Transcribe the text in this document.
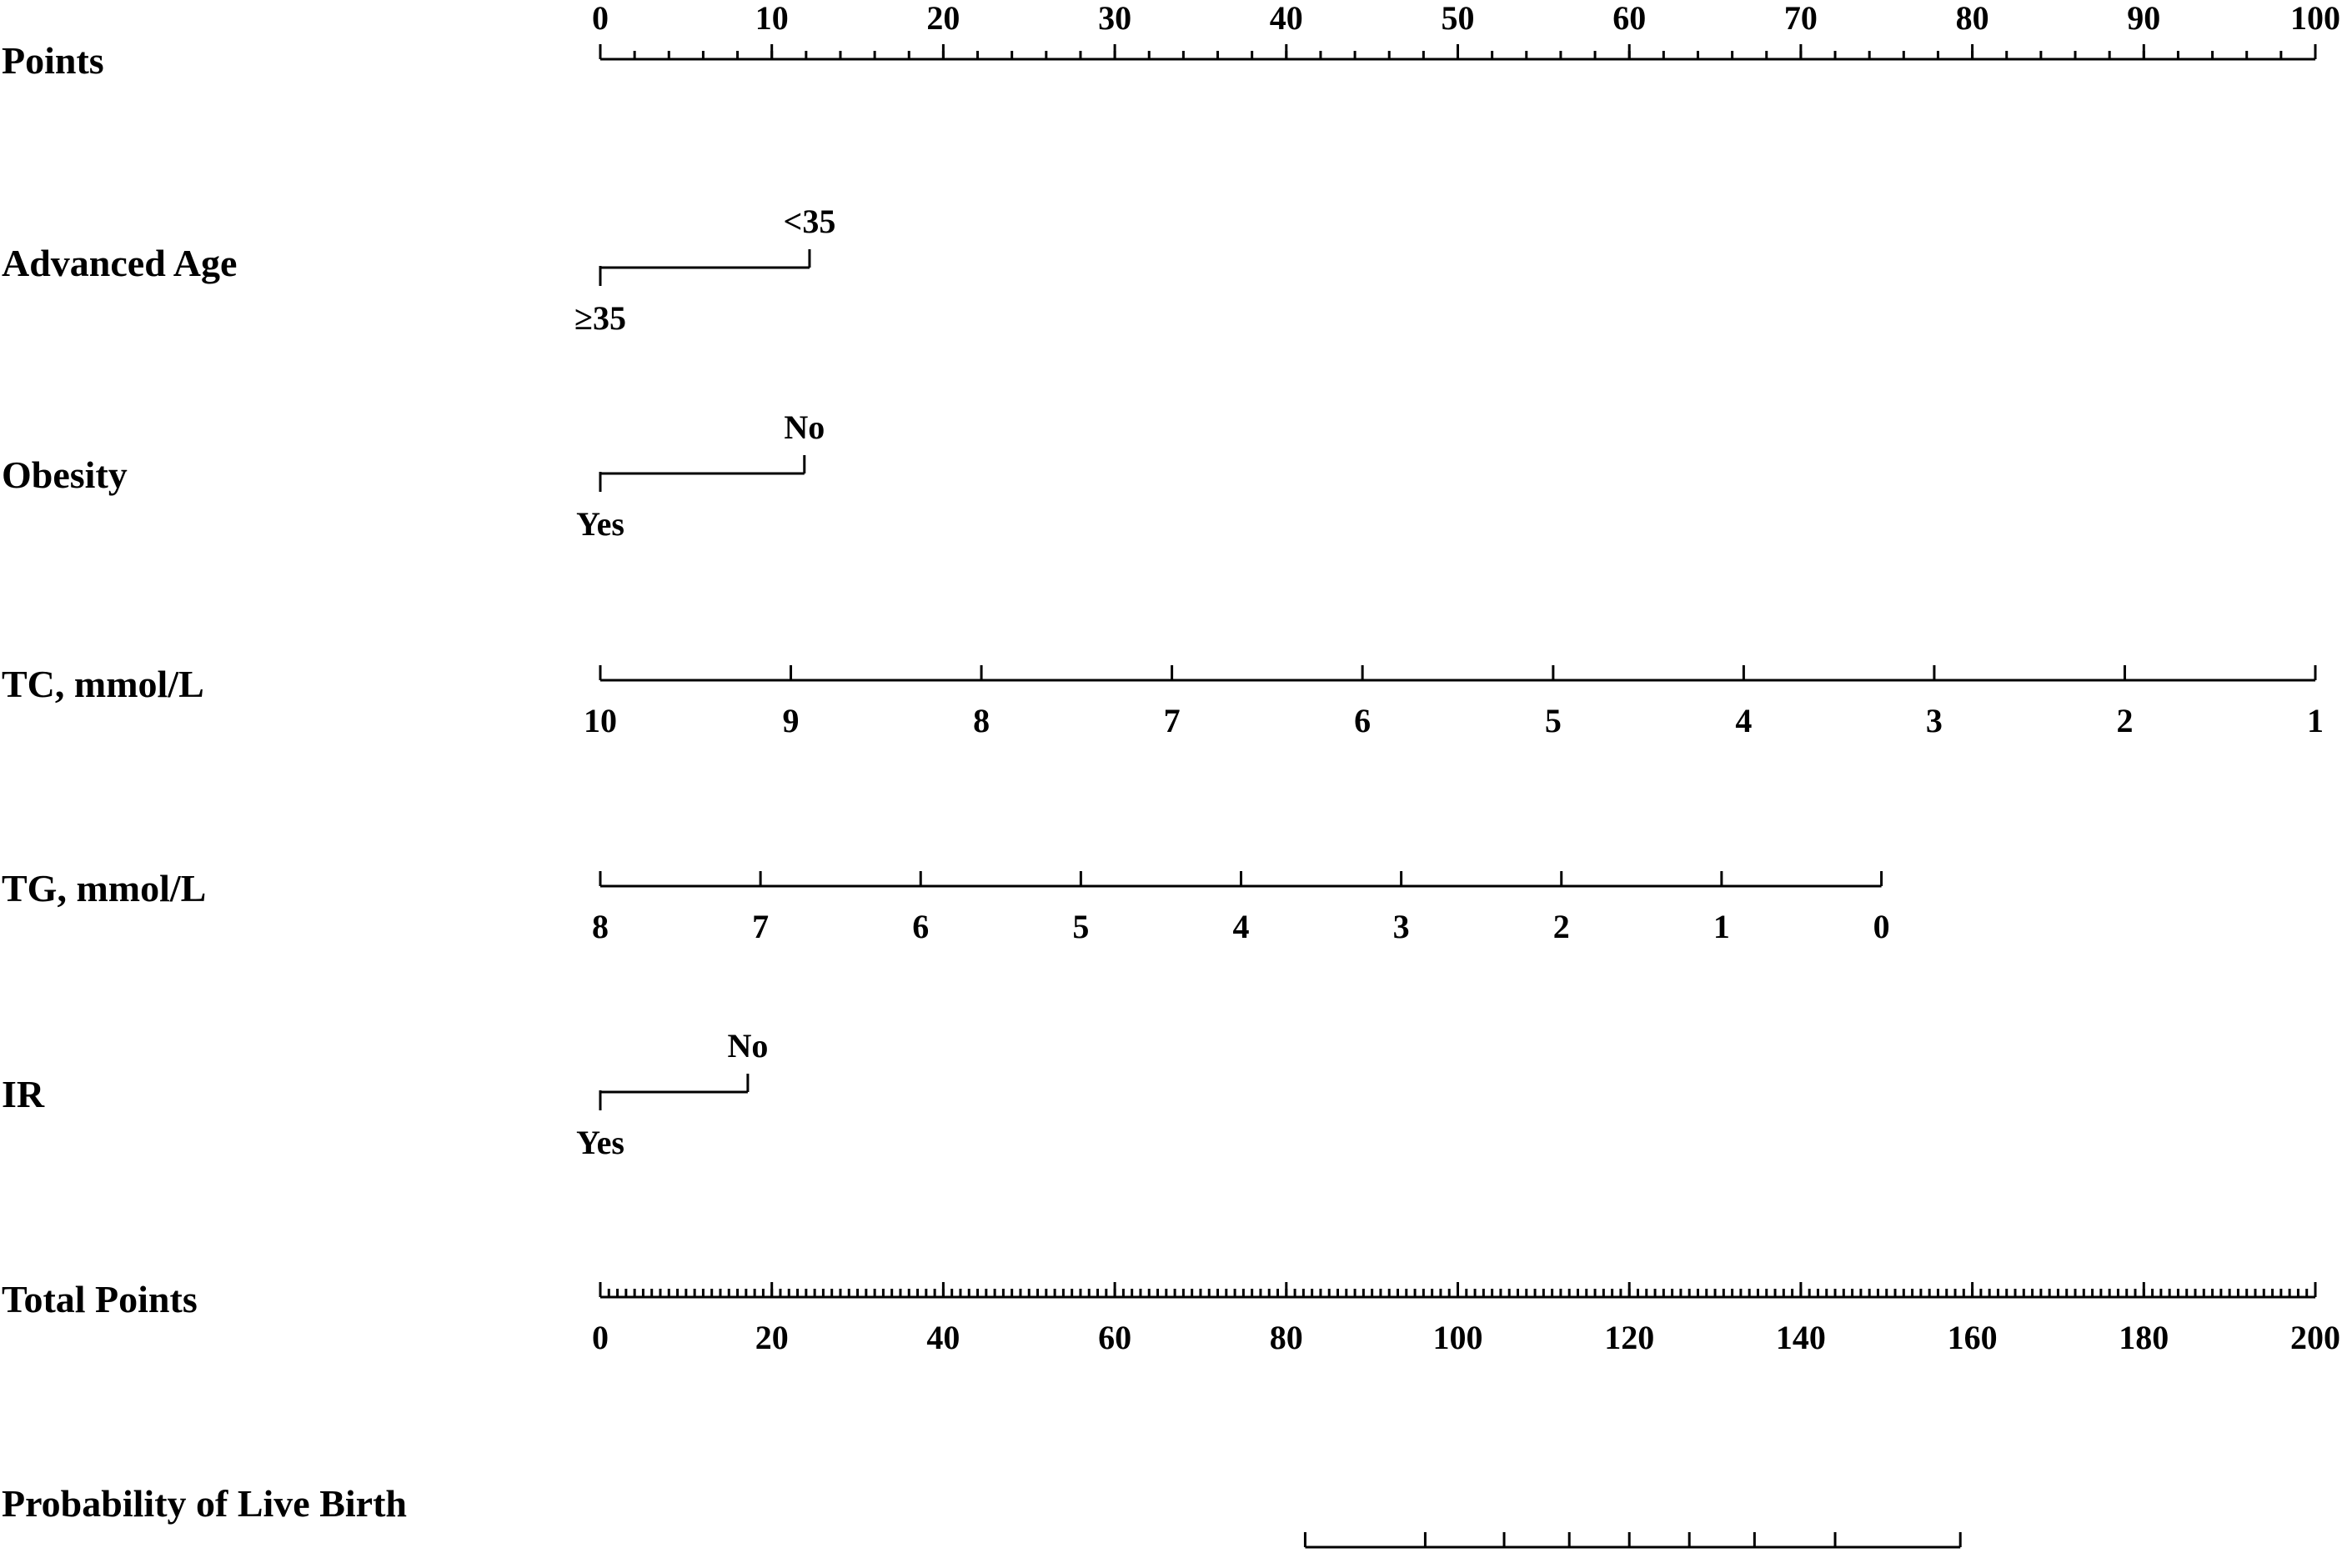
Points
0	10	20	30	40	50	60	70	80	90	100
Advanced Age
≥35
<35
Obesity
Yes
No
TC, mmol/L
10	9	8	7	6	5	4	3	2	1
TG, mmol/L
8	7	6	5	4	3	2	1	0
IR
Yes
No
Total Points
0	20	40	60	80	100	120	140	160	180	200
Probability of Live Birth
